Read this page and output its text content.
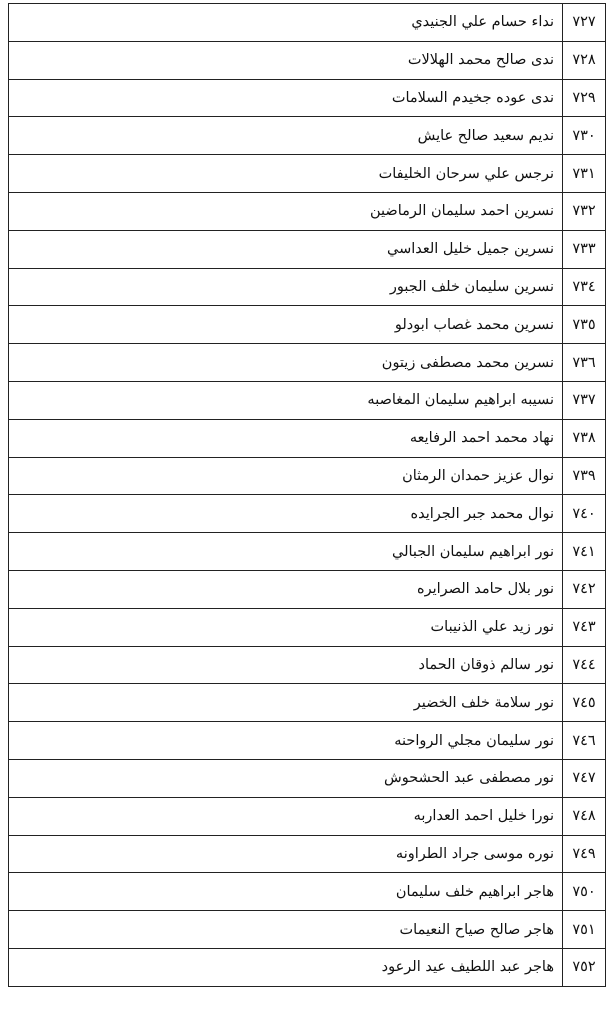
٧٢٧	نداء حسام علي الجنيدي
٧٢٨	ندى صالح محمد الهلالات
٧٢٩	ندى عوده جخيدم السلامات
٧٣٠	نديم سعيد صالح عايش
٧٣١	نرجس علي سرحان الخليفات
٧٣٢	نسرين احمد سليمان الرماضين
٧٣٣	نسرين جميل خليل العداسي
٧٣٤	نسرين سليمان خلف الجبور
٧٣٥	نسرين محمد غصاب ابودلو
٧٣٦	نسرين محمد مصطفى زيتون
٧٣٧	نسيبه ابراهيم سليمان المغاصبه
٧٣٨	نهاد محمد احمد الرفايعه
٧٣٩	نوال عزيز حمدان الرمثان
٧٤٠	نوال محمد جبر الجرايده
٧٤١	نور ابراهيم سليمان الجبالي
٧٤٢	نور بلال حامد الصرايره
٧٤٣	نور زيد علي الذنيبات
٧٤٤	نور سالم ذوقان الحماد
٧٤٥	نور سلامة خلف الخضير
٧٤٦	نور سليمان مجلي الرواحنه
٧٤٧	نور مصطفى عبد الحشحوش
٧٤٨	نورا خليل احمد العداربه
٧٤٩	نوره موسى جراد الطراونه
٧٥٠	هاجر ابراهيم خلف سليمان
٧٥١	هاجر صالح صياح النعيمات
٧٥٢	هاجر عبد اللطيف عيد الرعود
